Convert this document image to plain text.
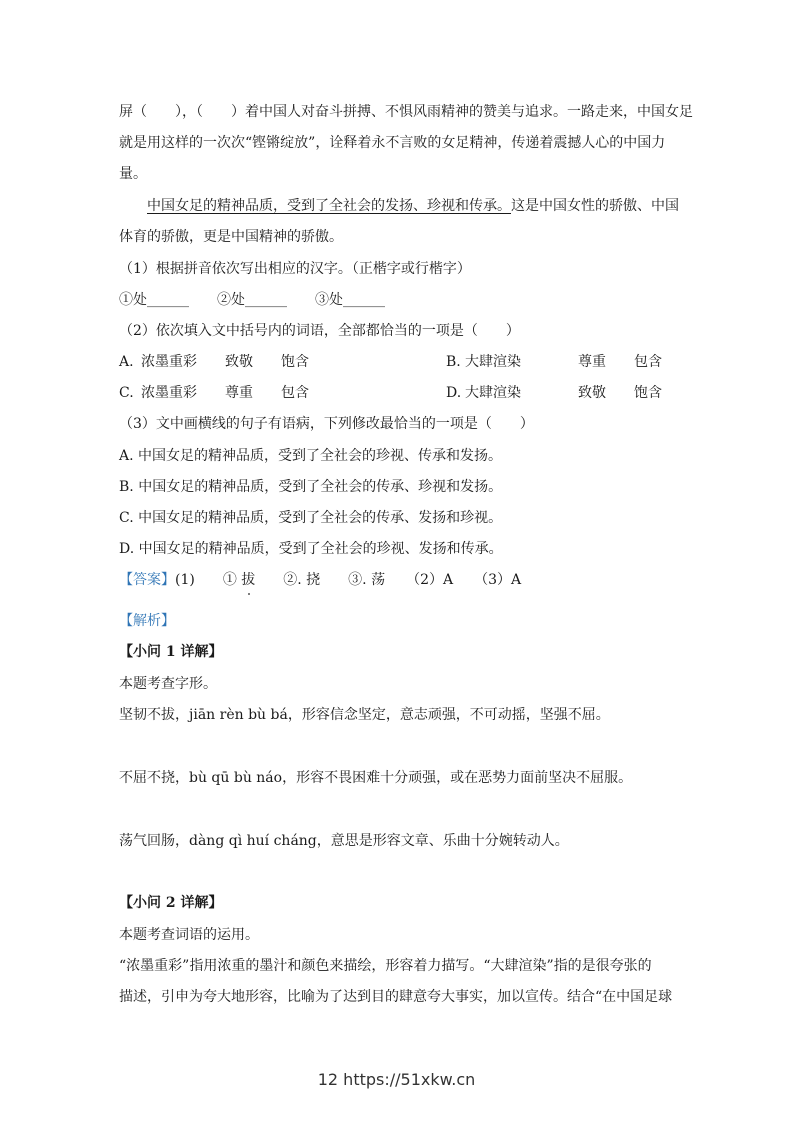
屏（　　），（　　）着中国人对奋斗拼搏、不惧风雨精神的赞美与追求。一路走来，中国女足
就是用这样的一次次“铿锵绽放”，诠释着永不言败的女足精神，传递着震撼人心的中国力
量。
中国女足的精神品质，受到了全社会的发扬、珍视和传承。这是中国女性的骄傲、中国
体育的骄傲，更是中国精神的骄傲。
（1）根据拼音依次写出相应的汉字。（正楷字或行楷字）
①处______　　②处______　　③处______
（2）依次填入文中括号内的词语，全部都恰当的一项是（　　）
A. 浓墨重彩 致敬 饱含	B. 大肆渲染	尊重 包含
C. 浓墨重彩 尊重 包含	D. 大肆渲染	致敬 饱含
（3）文中画横线的句子有语病，下列修改最恰当的一项是（　　）
A. 中国女足的精神品质，受到了全社会的珍视、传承和发扬。
B. 中国女足的精神品质，受到了全社会的传承、珍视和发扬。
C. 中国女足的精神品质，受到了全社会的传承、发扬和珍视。
D. 中国女足的精神品质，受到了全社会的珍视、发扬和传承。
【答案】(1)　　① 拔　　②. 挠　　③. 荡　　（2）A　　（3）A
【解析】
【小问 1 详解】
本题考查字形。
坚韧不拔，jiān rèn bù bá，形容信念坚定，意志顽强，不可动摇，坚强不屈。
不屈不挠，bù qū bù náo，形容不畏困难十分顽强，或在恶势力面前坚决不屈服。
荡气回肠，dàng qì huí cháng，意思是形容文章、乐曲十分婉转动人。
【小问 2 详解】
本题考查词语的运用。
“浓墨重彩”指用浓重的墨汁和颜色来描绘，形容着力描写。“大肆渲染”指的是很夸张的
描述，引申为夸大地形容，比喻为了达到目的肆意夸大事实，加以宣传。结合“在中国足球
12 https://51xkw.cn
